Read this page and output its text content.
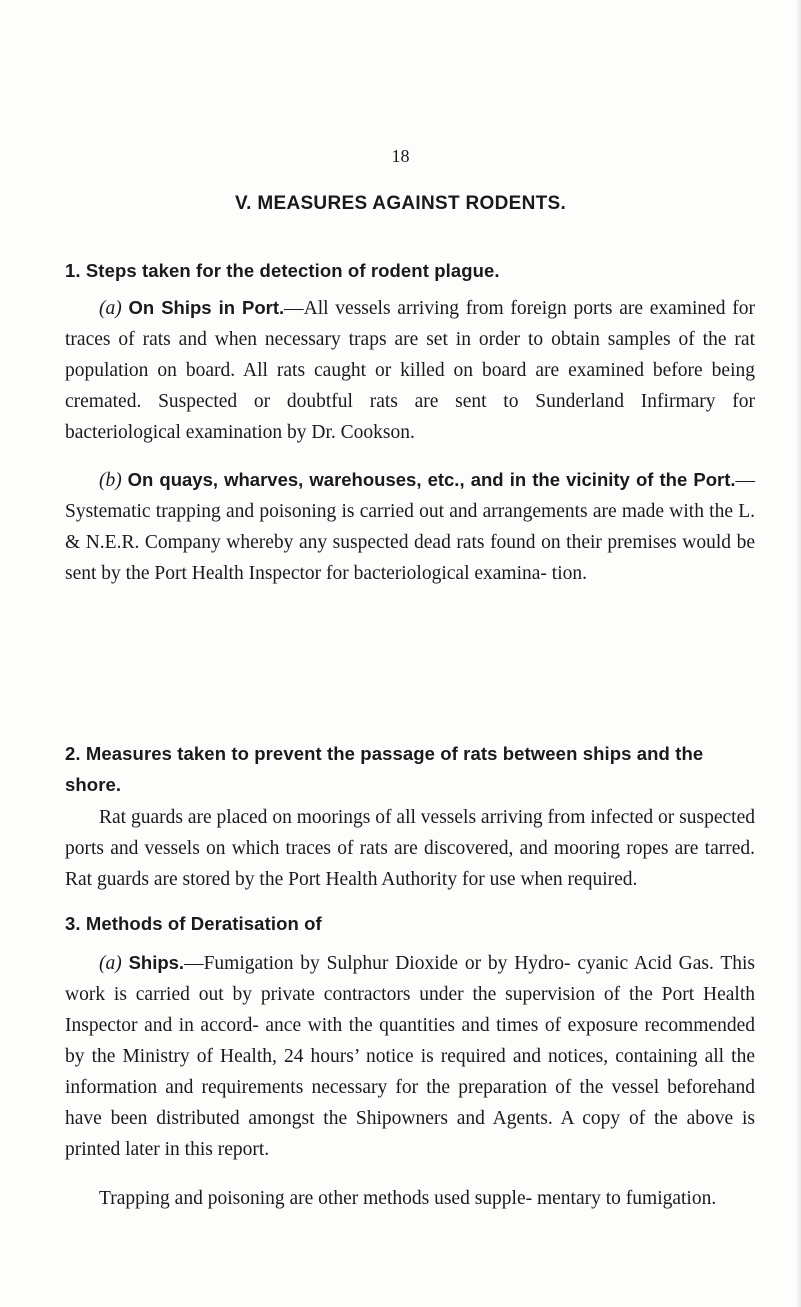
18
V. MEASURES AGAINST RODENTS.
1. Steps taken for the detection of rodent plague.

(a) On Ships in Port.—All vessels arriving from foreign ports are examined for traces of rats and when necessary traps are set in order to obtain samples of the rat population on board. All rats caught or killed on board are examined before being cremated. Suspected or doubtful rats are sent to Sunderland Infirmary for bacteriological examination by Dr. Cookson.

(b) On quays, wharves, warehouses, etc., and in the vicinity of the Port.—Systematic trapping and poisoning is carried out and arrangements are made with the L. & N.E.R. Company whereby any suspected dead rats found on their premises would be sent by the Port Health Inspector for bacteriological examina- tion.

2. Measures taken to prevent the passage of rats between ships and the shore.

Rat guards are placed on moorings of all vessels arriving from infected or suspected ports and vessels on which traces of rats are discovered, and mooring ropes are tarred. Rat guards are stored by the Port Health Authority for use when required.

3. Methods of Deratisation of

(a) Ships.—Fumigation by Sulphur Dioxide or by Hydro- cyanic Acid Gas. This work is carried out by private contractors under the supervision of the Port Health Inspector and in accord- ance with the quantities and times of exposure recommended by the Ministry of Health, 24 hours’ notice is required and notices, containing all the information and requirements necessary for the preparation of the vessel beforehand have been distributed amongst the Shipowners and Agents. A copy of the above is printed later in this report.

Trapping and poisoning are other methods used supple- mentary to fumigation.
